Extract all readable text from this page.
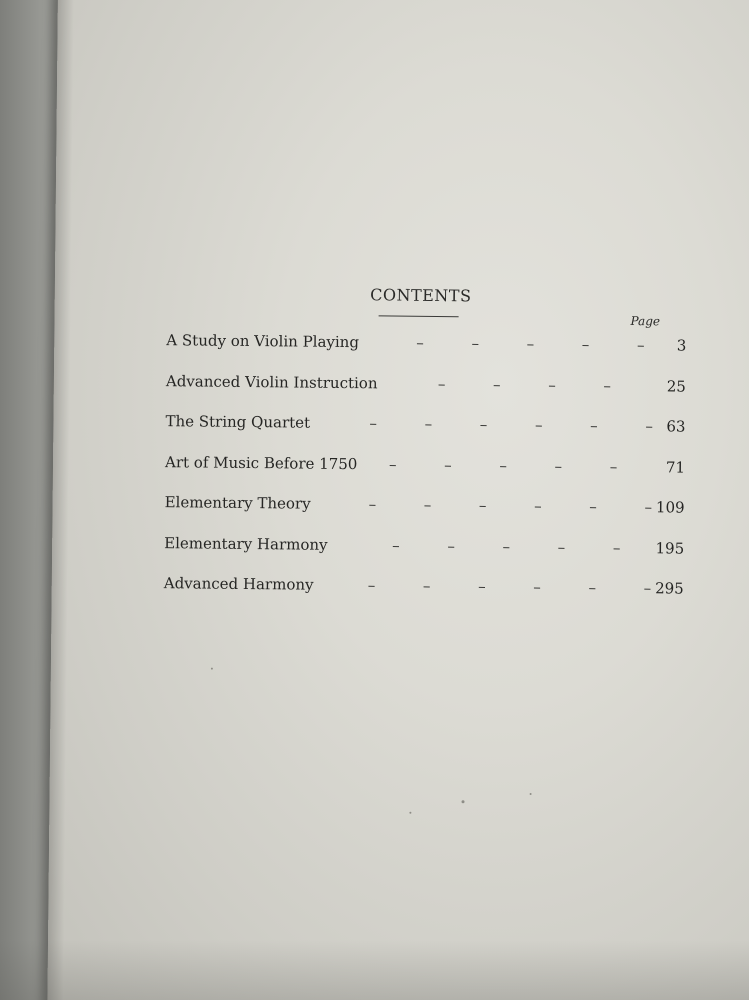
CONTENTS
Page
A Study on Violin Playing	–          –          –          –          –	3
Advanced Violin Instruction	–          –          –          –	25
The String Quartet	–          –          –          –          –          – 63
Art of Music Before 1750 –          –          –          –          –	71
Elementary Theory	–          –          –          –          –          – 109
Elementary Harmony	–          –          –          –          –	195
Advanced Harmony	–          –          –          –          –          – 295
